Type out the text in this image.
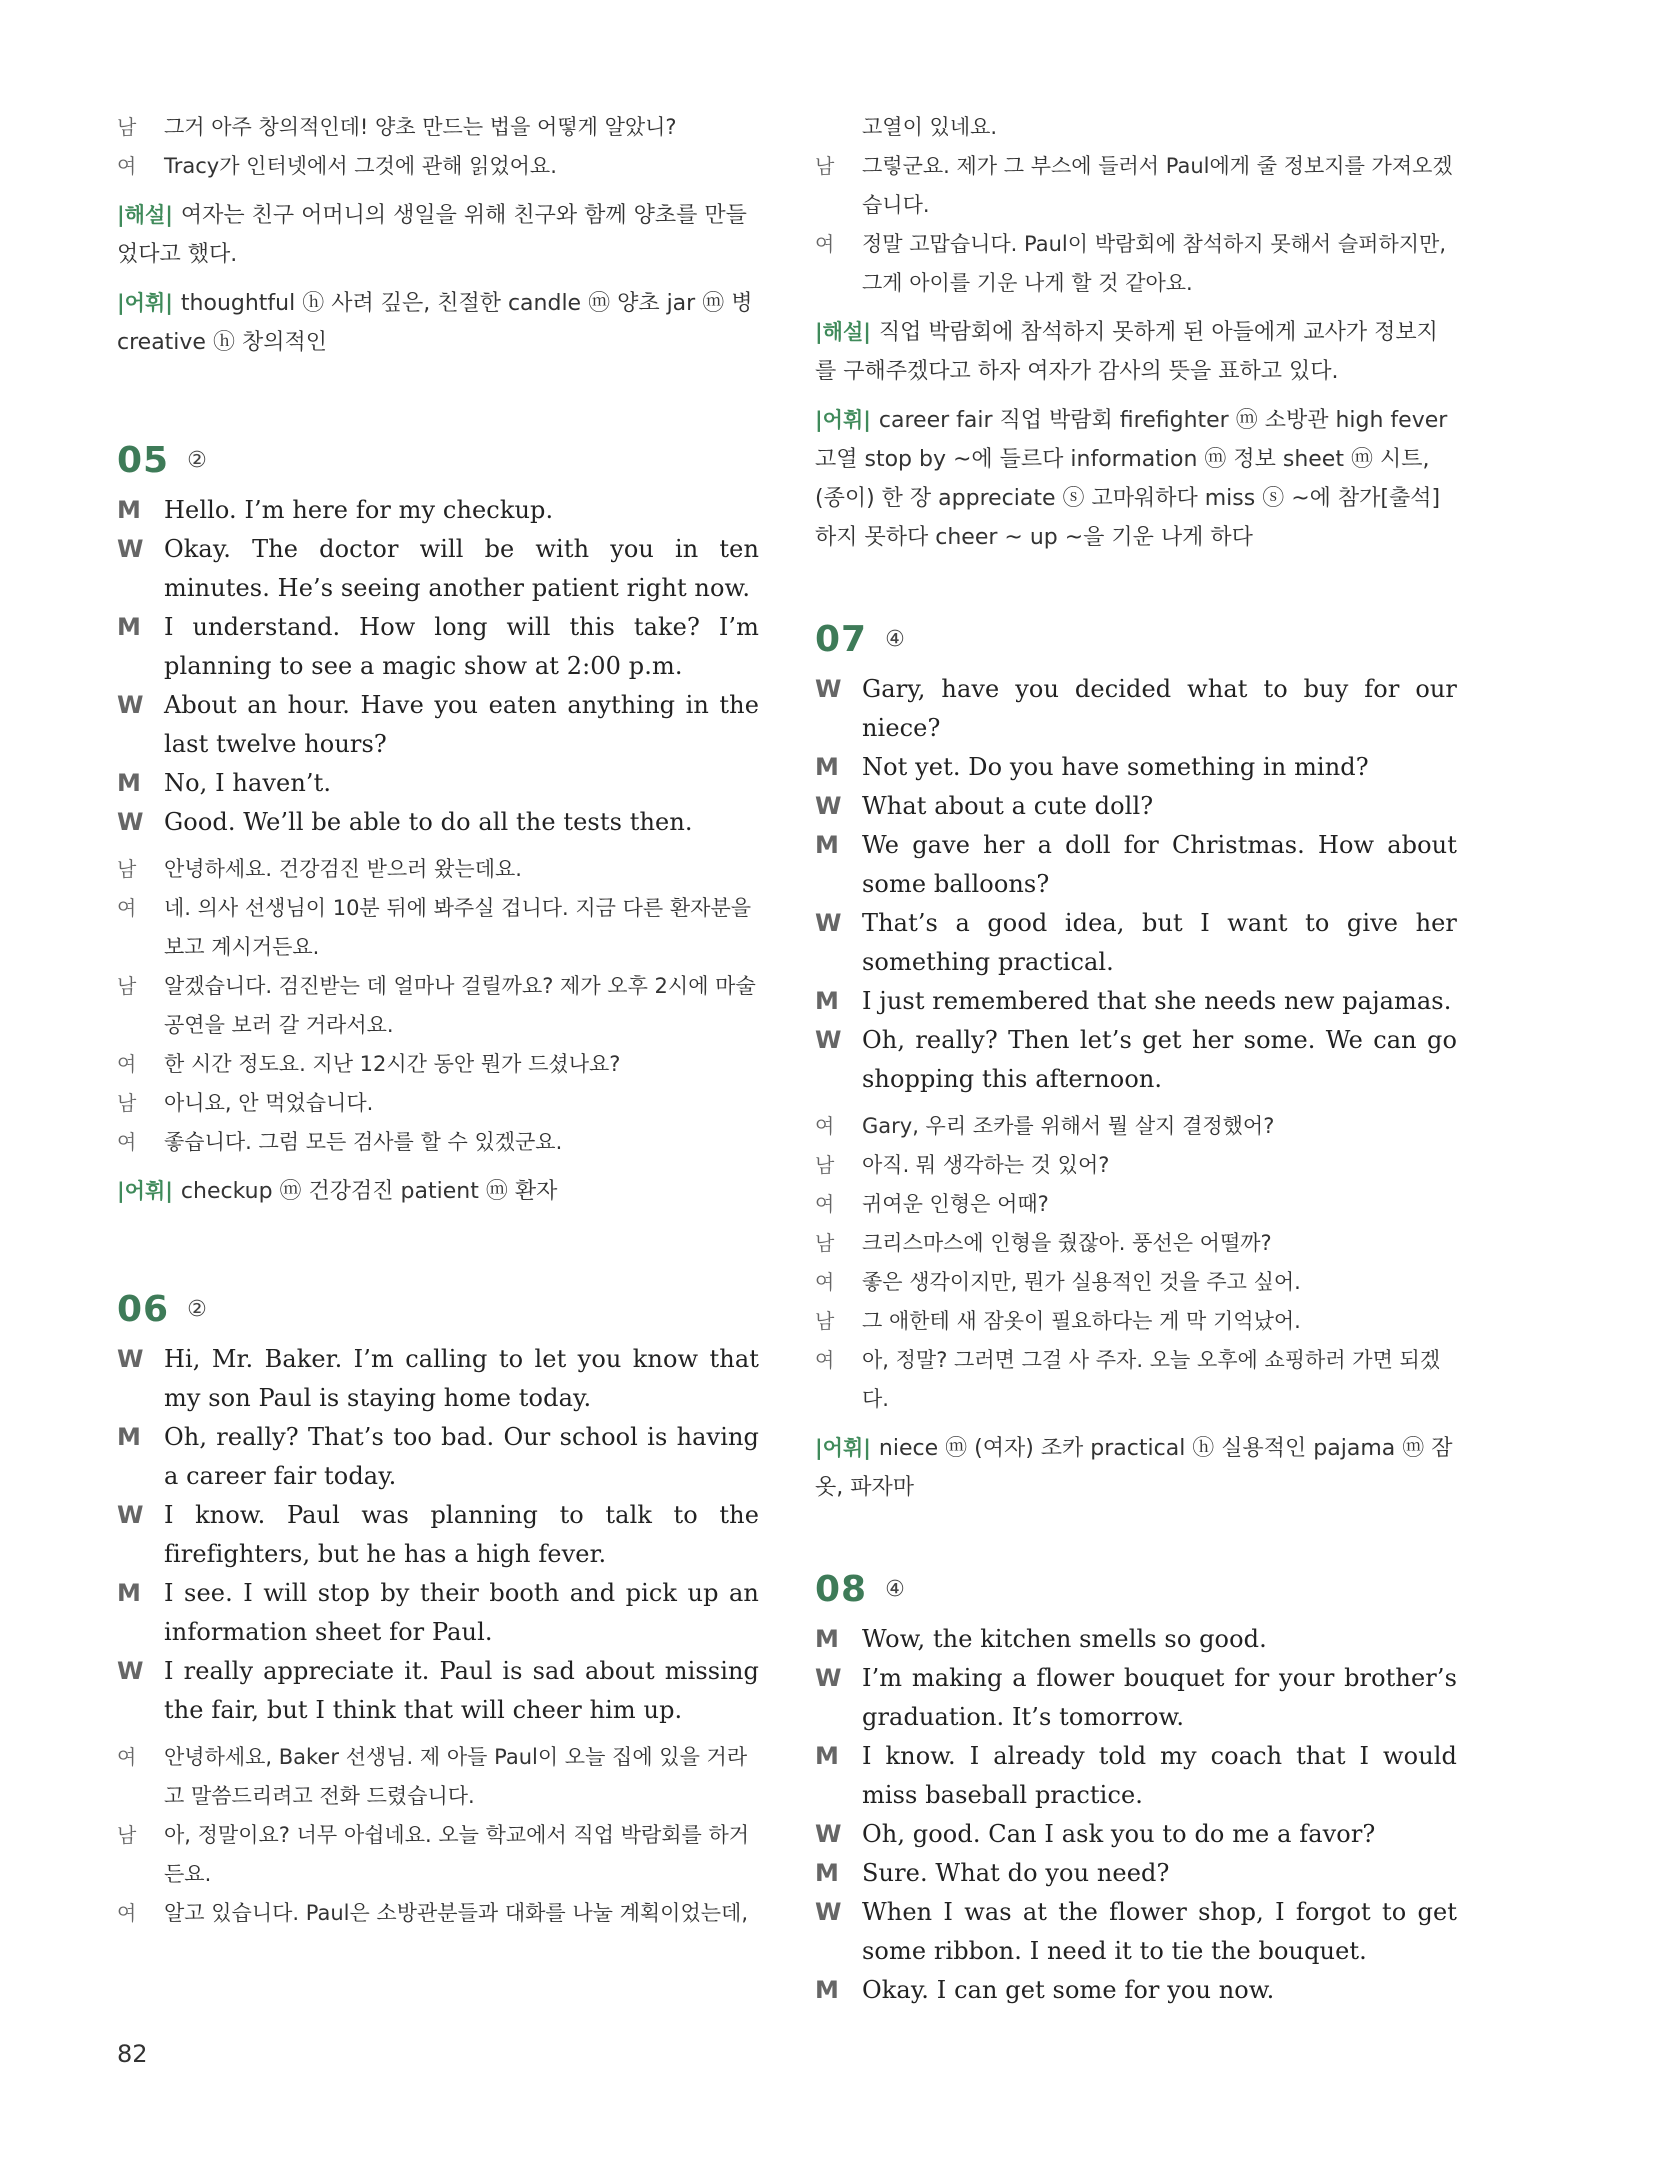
남	그거 아주 창의적인데! 양초 만드는 법을 어떻게 알았니?
여	Tracy가 인터넷에서 그것에 관해 읽었어요.
|해설| 여자는 친구 어머니의 생일을 위해 친구와 함께 양초를 만들었다고 했다.
|어휘| thoughtful ⓗ 사려 깊은, 친절한 candle ⓜ 양초 jar ⓜ 병 creative ⓗ 창의적인
05 ②
M Hello. I’m here for my checkup.
W Okay. The doctor will be with you in ten minutes. He’s seeing another patient right now.
M I understand. How long will this take? I’m planning to see a magic show at 2:00 p.m.
W About an hour. Have you eaten anything in the last twelve hours?
M No, I haven’t.
W Good. We’ll be able to do all the tests then.
남	안녕하세요. 건강검진 받으러 왔는데요.
여	네. 의사 선생님이 10분 뒤에 봐주실 겁니다. 지금 다른 환자분을 보고 계시거든요.
남	알겠습니다. 검진받는 데 얼마나 걸릴까요? 제가 오후 2시에 마술 공연을 보러 갈 거라서요.
여	한 시간 정도요. 지난 12시간 동안 뭔가 드셨나요?
남	아니요, 안 먹었습니다.
여	좋습니다. 그럼 모든 검사를 할 수 있겠군요.
|어휘| checkup ⓜ 건강검진 patient ⓜ 환자
06 ②
W Hi, Mr. Baker. I’m calling to let you know that my son Paul is staying home today.
M Oh, really? That’s too bad. Our school is having a career fair today.
W I know. Paul was planning to talk to the firefighters, but he has a high fever.
M I see. I will stop by their booth and pick up an information sheet for Paul.
W I really appreciate it. Paul is sad about missing the fair, but I think that will cheer him up.
여	안녕하세요, Baker 선생님. 제 아들 Paul이 오늘 집에 있을 거라고 말씀드리려고 전화 드렸습니다.
남	아, 정말이요? 너무 아쉽네요. 오늘 학교에서 직업 박람회를 하거든요.
여	알고 있습니다. Paul은 소방관분들과 대화를 나눌 계획이었는데,
고열이 있네요.
남	그렇군요. 제가 그 부스에 들러서 Paul에게 줄 정보지를 가져오겠습니다.
여	정말 고맙습니다. Paul이 박람회에 참석하지 못해서 슬퍼하지만, 그게 아이를 기운 나게 할 것 같아요.
|해설| 직업 박람회에 참석하지 못하게 된 아들에게 교사가 정보지를 구해주겠다고 하자 여자가 감사의 뜻을 표하고 있다.
|어휘| career fair 직업 박람회 firefighter ⓜ 소방관 high fever 고열 stop by ~에 들르다 information ⓜ 정보 sheet ⓜ 시트, (종이) 한 장 appreciate ⓢ 고마워하다 miss ⓢ ~에 참가[출석]하지 못하다 cheer ~ up ~을 기운 나게 하다
07 ④
W Gary, have you decided what to buy for our niece?
M Not yet. Do you have something in mind?
W What about a cute doll?
M We gave her a doll for Christmas. How about some balloons?
W That’s a good idea, but I want to give her something practical.
M I just remembered that she needs new pajamas.
W Oh, really? Then let’s get her some. We can go shopping this afternoon.
여	Gary, 우리 조카를 위해서 뭘 살지 결정했어?
남	아직. 뭐 생각하는 것 있어?
여	귀여운 인형은 어때?
남	크리스마스에 인형을 줬잖아. 풍선은 어떨까?
여	좋은 생각이지만, 뭔가 실용적인 것을 주고 싶어.
남	그 애한테 새 잠옷이 필요하다는 게 막 기억났어.
여	아, 정말? 그러면 그걸 사 주자. 오늘 오후에 쇼핑하러 가면 되겠다.
|어휘| niece ⓜ (여자) 조카 practical ⓗ 실용적인 pajama ⓜ 잠옷, 파자마
08 ④
M Wow, the kitchen smells so good.
W I’m making a flower bouquet for your brother’s graduation. It’s tomorrow.
M I know. I already told my coach that I would miss baseball practice.
W Oh, good. Can I ask you to do me a favor?
M Sure. What do you need?
W When I was at the flower shop, I forgot to get some ribbon. I need it to tie the bouquet.
M Okay. I can get some for you now.
82
